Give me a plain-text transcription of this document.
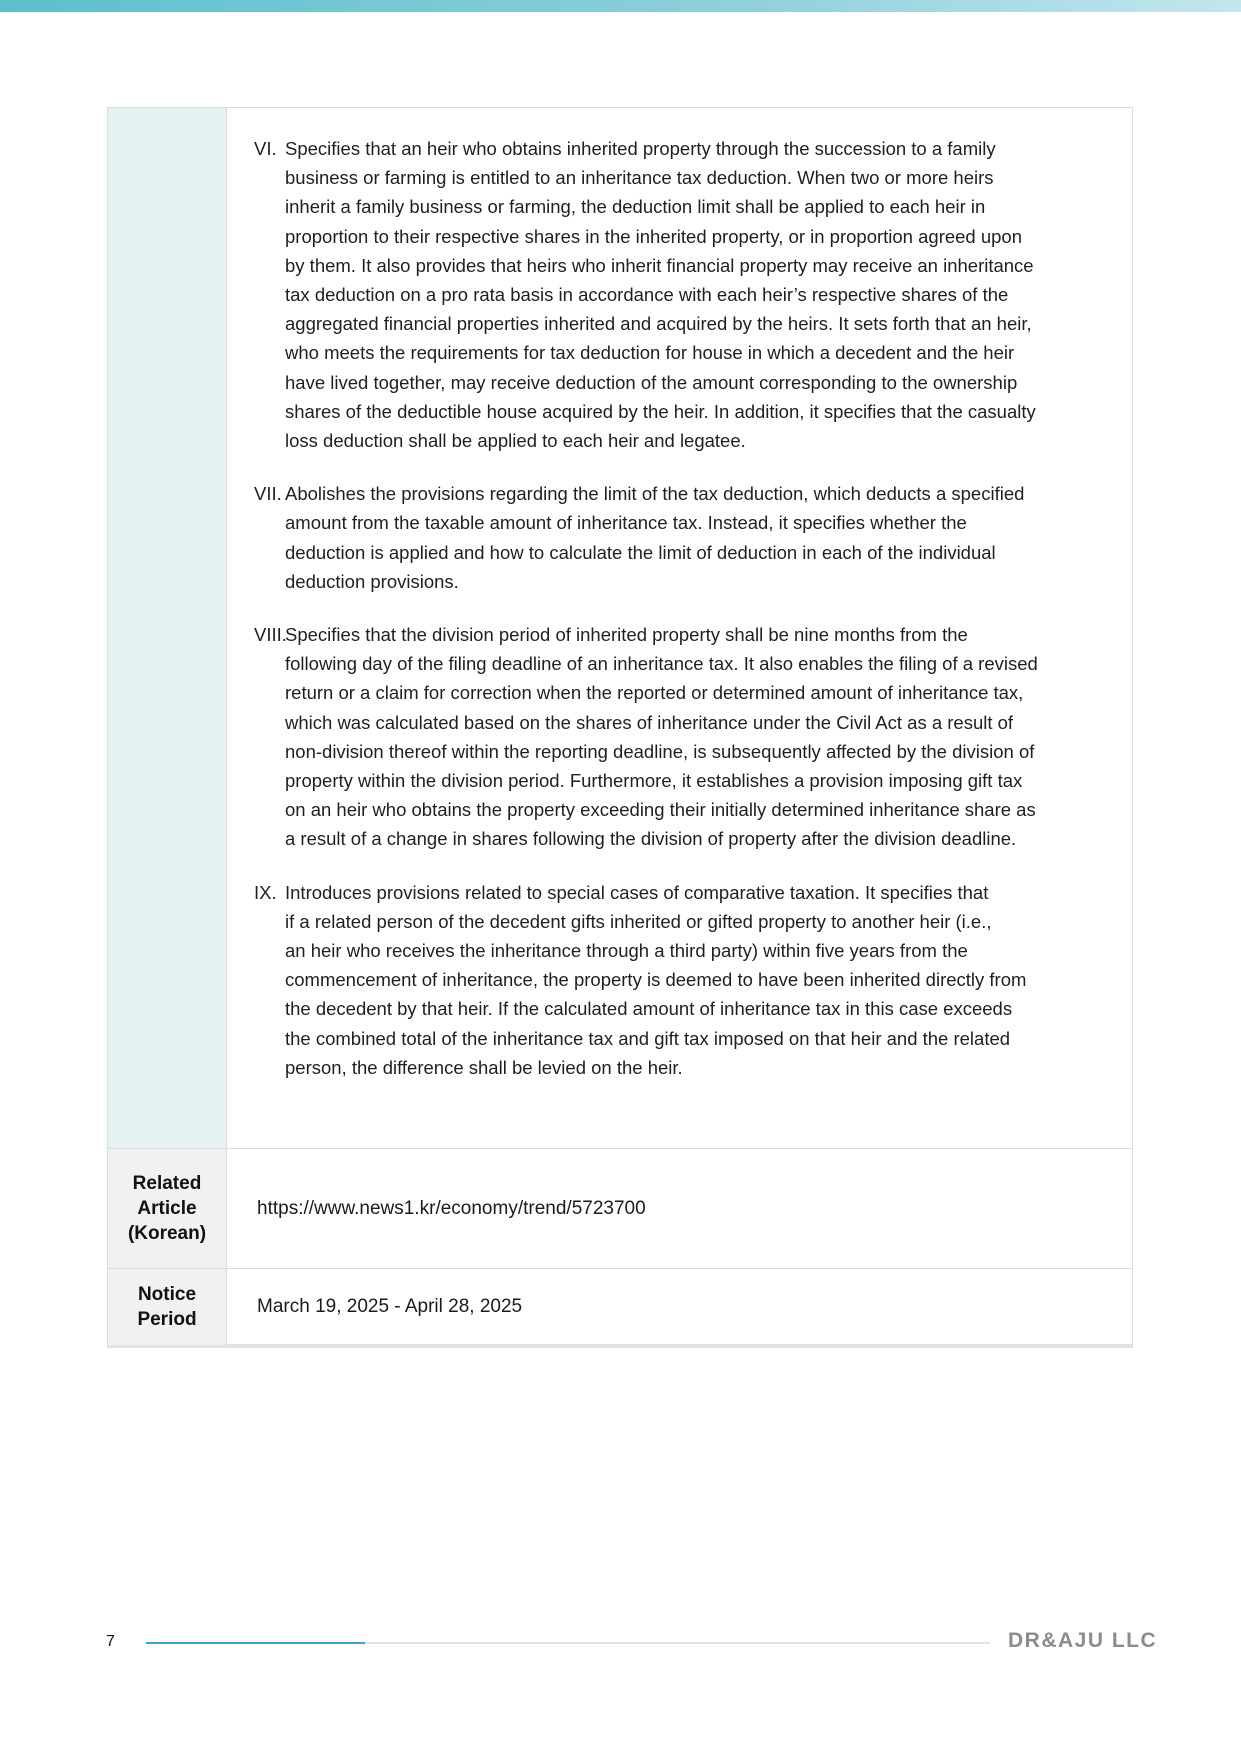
VI. Specifies that an heir who obtains inherited property through the succession to a family
business or farming is entitled to an inheritance tax deduction. When two or more heirs
inherit a family business or farming, the deduction limit shall be applied to each heir in
proportion to their respective shares in the inherited property, or in proportion agreed upon
by them. It also provides that heirs who inherit financial property may receive an inheritance
tax deduction on a pro rata basis in accordance with each heir’s respective shares of the
aggregated financial properties inherited and acquired by the heirs. It sets forth that an heir,
who meets the requirements for tax deduction for house in which a decedent and the heir
have lived together, may receive deduction of the amount corresponding to the ownership
shares of the deductible house acquired by the heir. In addition, it specifies that the casualty
loss deduction shall be applied to each heir and legatee.
VII. Abolishes the provisions regarding the limit of the tax deduction, which deducts a specified
amount from the taxable amount of inheritance tax. Instead, it specifies whether the
deduction is applied and how to calculate the limit of deduction in each of the individual
deduction provisions.
VIII.
Specifies that the division period of inherited property shall be nine months from the
following day of the filing deadline of an inheritance tax. It also enables the filing of a revised
return or a claim for correction when the reported or determined amount of inheritance tax,
which was calculated based on the shares of inheritance under the Civil Act as a result of
non-division thereof within the reporting deadline, is subsequently affected by the division of
property within the division period. Furthermore, it establishes a provision imposing gift tax
on an heir who obtains the property exceeding their initially determined inheritance share as
a result of a change in shares following the division of property after the division deadline.
IX. Introduces provisions related to special cases of comparative taxation. It specifies that
if a related person of the decedent gifts inherited or gifted property to another heir (i.e.,
an heir who receives the inheritance through a third party) within five years from the
commencement of inheritance, the property is deemed to have been inherited directly from
the decedent by that heir. If the calculated amount of inheritance tax in this case exceeds
the combined total of the inheritance tax and gift tax imposed on that heir and the related
person, the difference shall be levied on the heir.
Related
Article
(Korean)
https://www.news1.kr/economy/trend/5723700
Notice
Period
March 19, 2025 - April 28, 2025
7	DR&AJU LLC
